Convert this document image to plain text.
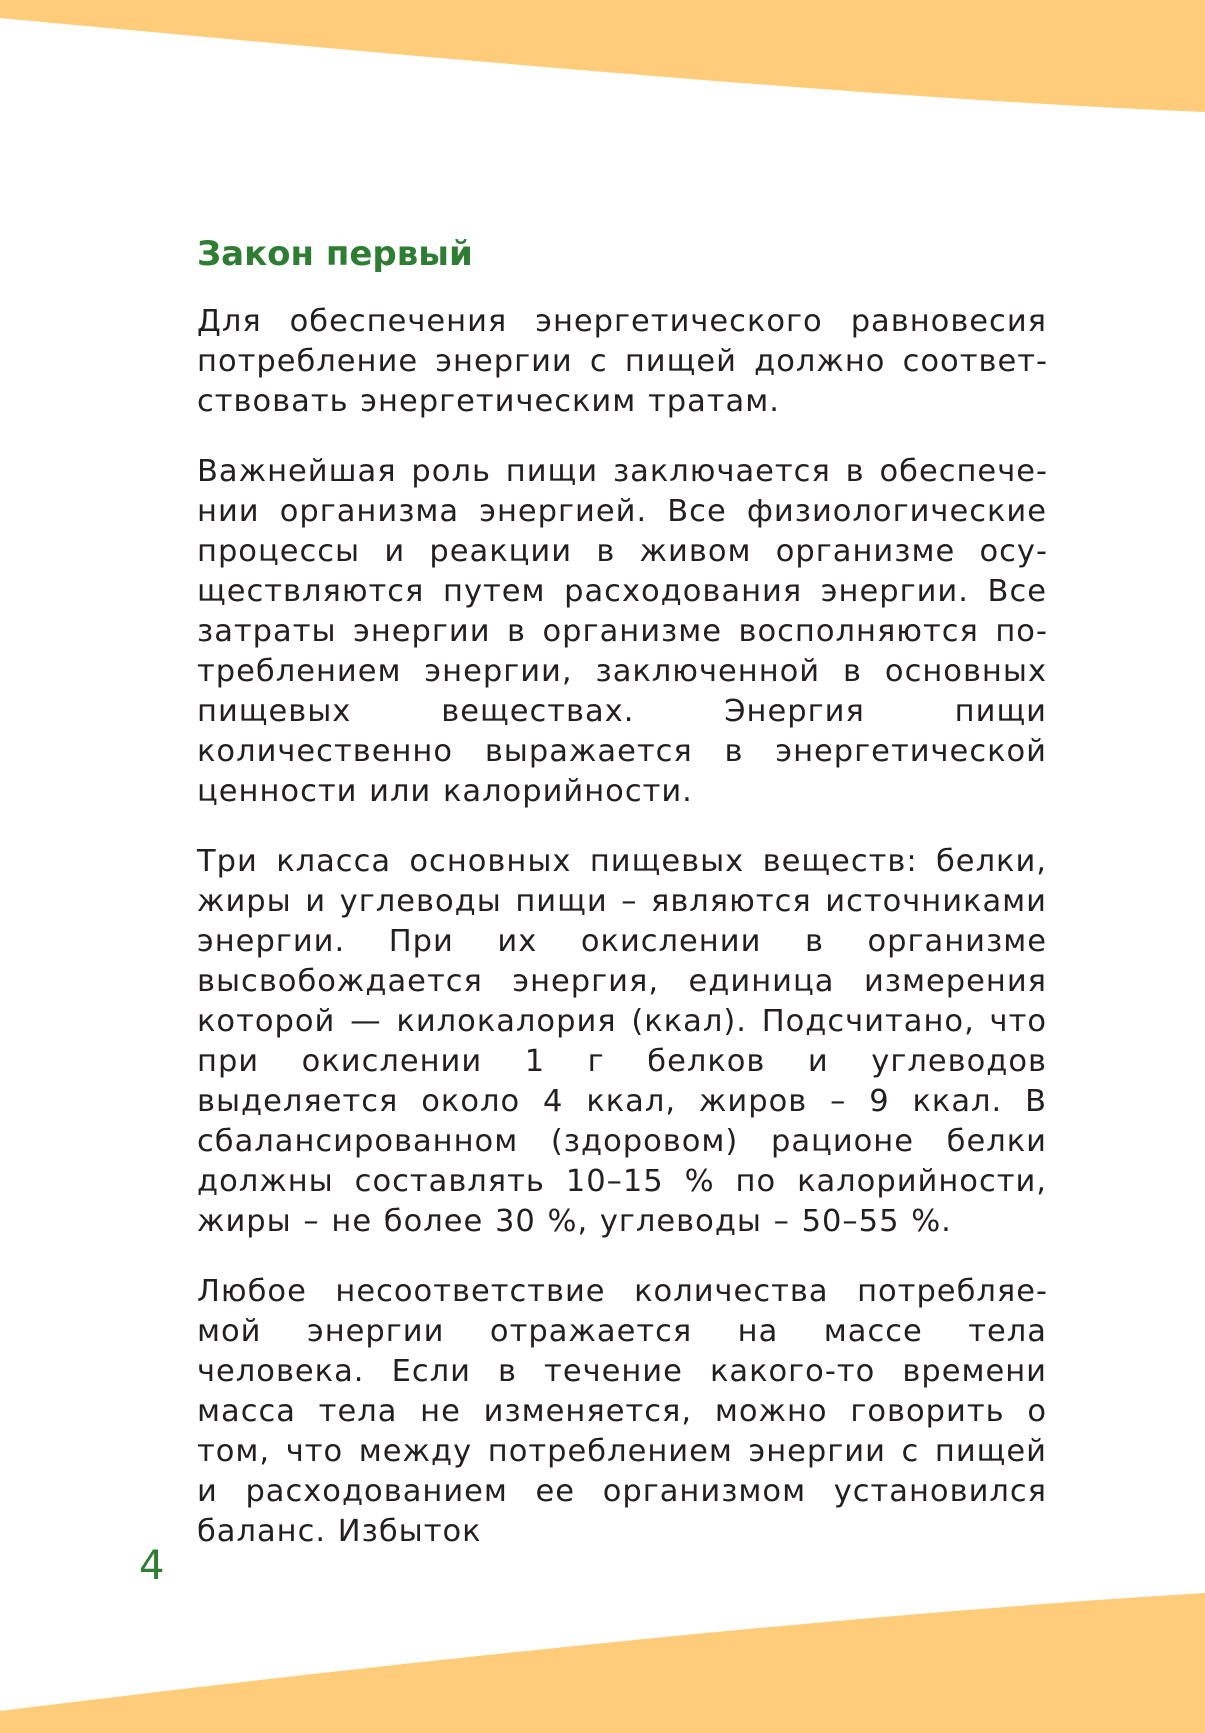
Закон первый

Для обеспечения энергетического равновесия потребление энергии с пищей должно соответствовать энергетическим тратам.

Важнейшая роль пищи заключается в обеспечении организма энергией. Все физиологические процессы и реакции в живом организме осуществляются путем расходования энергии. Все затраты энергии в организме восполняются потреблением энергии, заключенной в основных пищевых веществах. Энергия пищи количественно выражается в энергетической ценности или калорийности.

Три класса основных пищевых веществ: белки, жиры и углеводы пищи – являются источниками энергии. При их окислении в организме высвобождается энергия, единица измерения которой — килокалория (ккал). Подсчитано, что при окислении 1 г белков и углеводов выделяется около 4 ккал, жиров – 9 ккал. В сбалансированном (здоровом) рационе белки должны составлять 10–15 % по калорийности, жиры – не более 30 %, углеводы – 50–55 %.

Любое несоответствие количества потребляемой энергии отражается на массе тела человека. Если в течение какого-то времени масса тела не изменяется, можно говорить о том, что между потреблением энергии с пищей и расходованием ее организмом установился баланс. Избыток

4
